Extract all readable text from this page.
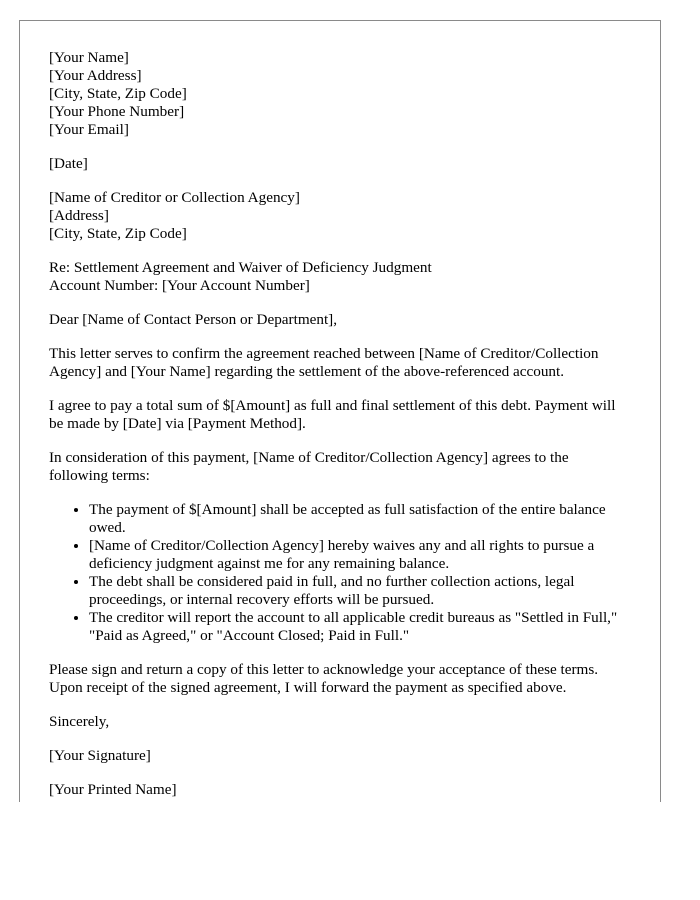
[Your Name]
[Your Address]
[City, State, Zip Code]
[Your Phone Number]
[Your Email]

[Date]

[Name of Creditor or Collection Agency]
[Address]
[City, State, Zip Code]
Re: Settlement Agreement and Waiver of Deficiency Judgment
Account Number: [Your Account Number]

Dear [Name of Contact Person or Department],

This letter serves to confirm the agreement reached between [Name of Creditor/Collection Agency] and [Your Name] regarding the settlement of the above-referenced account.

I agree to pay a total sum of $[Amount] as full and final settlement of this debt. Payment will be made by [Date] via [Payment Method].

In consideration of this payment, [Name of Creditor/Collection Agency] agrees to the following terms:

• The payment of $[Amount] shall be accepted as full satisfaction of the entire balance owed.
• [Name of Creditor/Collection Agency] hereby waives any and all rights to pursue a deficiency judgment against me for any remaining balance.
• The debt shall be considered paid in full, and no further collection actions, legal proceedings, or internal recovery efforts will be pursued.
• The creditor will report the account to all applicable credit bureaus as "Settled in Full," "Paid as Agreed," or "Account Closed; Paid in Full."

Please sign and return a copy of this letter to acknowledge your acceptance of these terms. Upon receipt of the signed agreement, I will forward the payment as specified above.

Sincerely,

[Your Signature]

[Your Printed Name]
